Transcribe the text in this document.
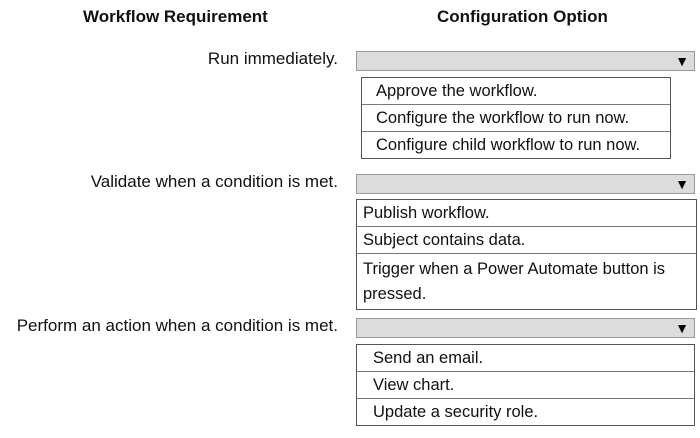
Workflow Requirement	Configuration Option
Run immediately.	▼
Approve the workflow.
Configure the workflow to run now.
Configure child workflow to run now.
Validate when a condition is met.	▼
Publish workflow.
Subject contains data.
Trigger when a Power Automate button is pressed.
Perform an action when a condition is met.	▼
Send an email.
View chart.
Update a security role.
